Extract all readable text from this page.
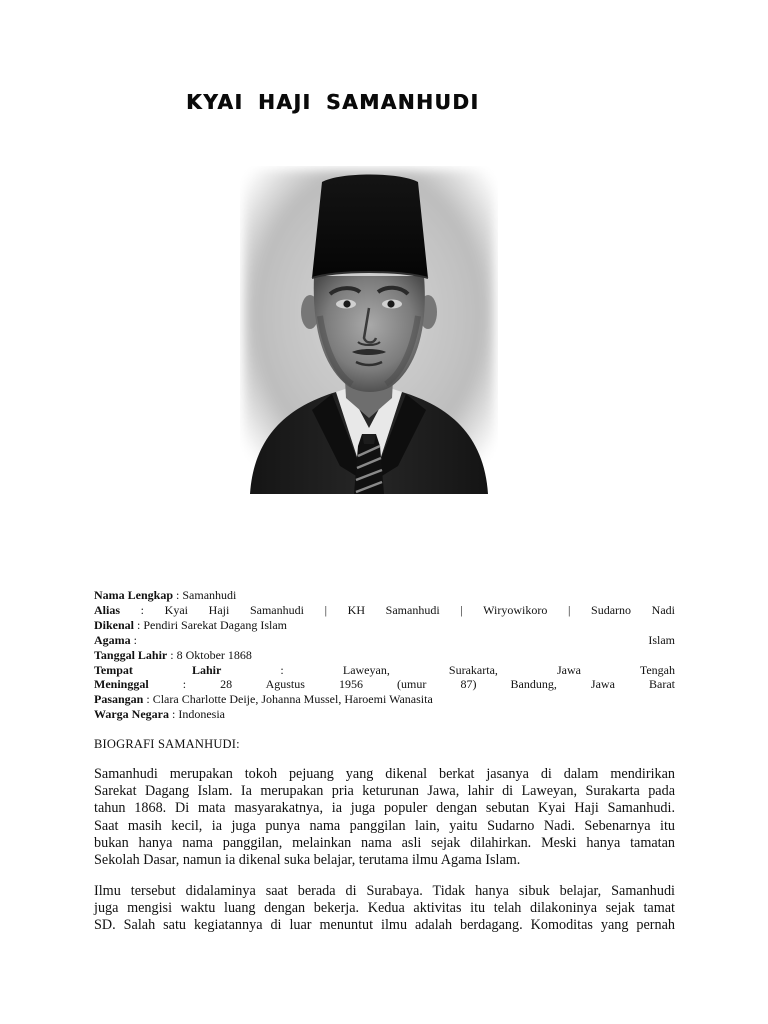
KYAI HAJI SAMANHUDI
Nama Lengkap : Samanhudi
Alias : Kyai Haji Samanhudi | KH Samanhudi | Wiryowikoro | Sudarno Nadi
Dikenal : Pendiri Sarekat Dagang Islam
Agama :	Islam
Tanggal Lahir : 8 Oktober 1868
Tempat Lahir : Laweyan, Surakarta, Jawa Tengah
Meninggal : 28 Agustus 1956 (umur 87) Bandung, Jawa Barat
Pasangan : Clara Charlotte Deije, Johanna Mussel, Haroemi Wanasita
Warga Negara : Indonesia
BIOGRAFI SAMANHUDI:
Samanhudi merupakan tokoh pejuang yang dikenal berkat jasanya di dalam mendirikan
Sarekat Dagang Islam. Ia merupakan pria keturunan Jawa, lahir di Laweyan, Surakarta pada
tahun 1868. Di mata masyarakatnya, ia juga populer dengan sebutan Kyai Haji Samanhudi.
Saat masih kecil, ia juga punya nama panggilan lain, yaitu Sudarno Nadi. Sebenarnya itu
bukan hanya nama panggilan, melainkan nama asli sejak dilahirkan. Meski hanya tamatan
Sekolah Dasar, namun ia dikenal suka belajar, terutama ilmu Agama Islam.
Ilmu tersebut didalaminya saat berada di Surabaya. Tidak hanya sibuk belajar, Samanhudi
juga mengisi waktu luang dengan bekerja. Kedua aktivitas itu telah dilakoninya sejak tamat
SD. Salah satu kegiatannya di luar menuntut ilmu adalah berdagang. Komoditas yang pernah
